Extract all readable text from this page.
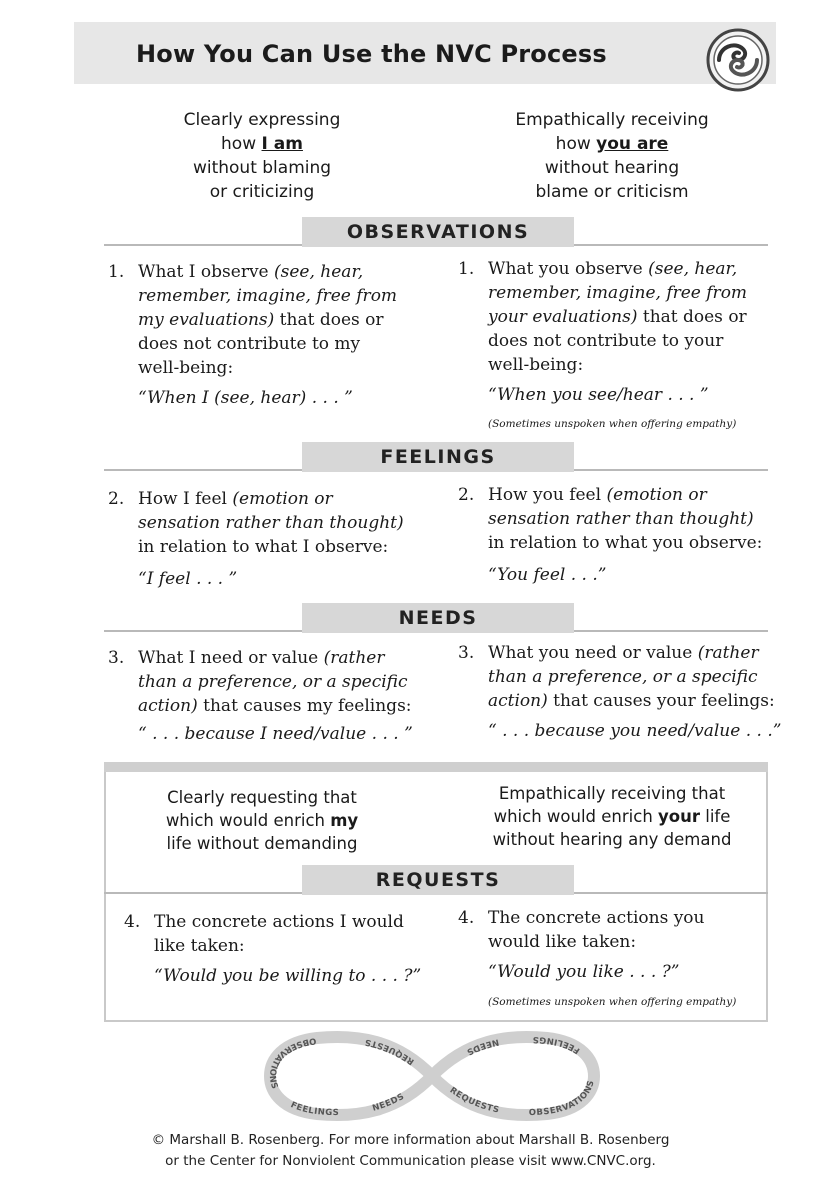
How You Can Use the NVC Process
Clearly expressing
how I am
without blaming
or criticizing
Empathically receiving
how you are
without hearing
blame or criticism
OBSERVATIONS
1. What I observe (see, hear,
remember, imagine, free from
my evaluations) that does or
does not contribute to my
well-being:
“When I (see, hear) . . . ”
1. What you observe (see, hear,
remember, imagine, free from
your evaluations) that does or
does not contribute to your
well-being:
“When you see/hear . . . ”
(Sometimes unspoken when offering empathy)
FEELINGS
2. How I feel (emotion or
sensation rather than thought)
in relation to what I observe:
“I feel . . . ”
2. How you feel (emotion or
sensation rather than thought)
in relation to what you observe:
“You feel . . .”
NEEDS
3. What I need or value (rather
than a preference, or a specific
action) that causes my feelings:
“ . . . because I need/value . . . ”
3. What you need or value (rather
than a preference, or a specific
action) that causes your feelings:
“ . . . because you need/value . . .”
Clearly requesting that
which would enrich my
life without demanding
Empathically receiving that
which would enrich your life
without hearing any demand
REQUESTS
4. The concrete actions I would
like taken:
“Would you be willing to . . . ?”
4. The concrete actions you
would like taken:
“Would you like . . . ?”
(Sometimes unspoken when offering empathy)
REQUESTS
OBSERVATIONS
FEELINGS	NEEDS	REQUESTS	OBSERVATIONS
FEELINGS
NEEDS
© Marshall B. Rosenberg. For more information about Marshall B. Rosenberg
or the Center for Nonviolent Communication please visit www.CNVC.org.
